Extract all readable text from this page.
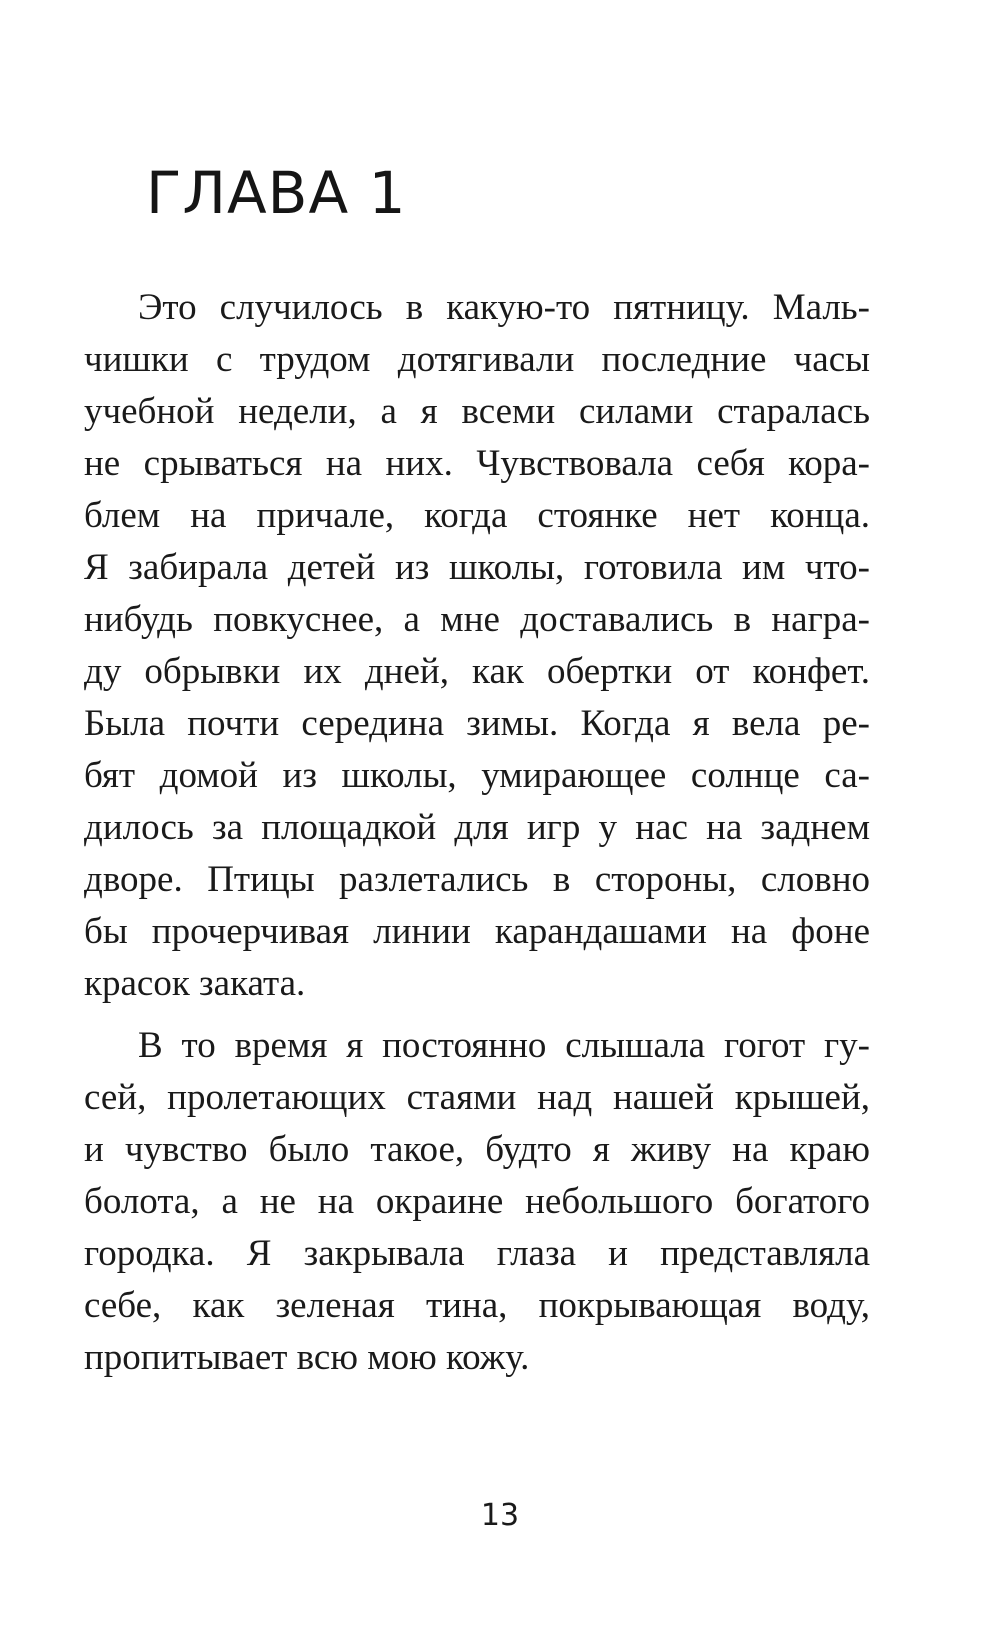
ГЛАВА 1
Это случилось в какую-то пятницу. Маль-
чишки с трудом дотягивали последние часы
учебной недели, а я всеми силами старалась
не срываться на них. Чувствовала себя кора-
блем на причале, когда стоянке нет конца.
Я забирала детей из школы, готовила им что-
нибудь повкуснее, а мне доставались в награ-
ду обрывки их дней, как обертки от конфет.
Была почти середина зимы. Когда я вела ре-
бят домой из школы, умирающее солнце са-
дилось за площадкой для игр у нас на заднем
дворе. Птицы разлетались в стороны, словно
бы прочерчивая линии карандашами на фоне
красок заката.
В то время я постоянно слышала гогот гу-
сей, пролетающих стаями над нашей крышей,
и чувство было такое, будто я живу на краю
болота, а не на окраине небольшого богатого
городка. Я закрывала глаза и представляла
себе, как зеленая тина, покрывающая воду,
пропитывает всю мою кожу.
13
